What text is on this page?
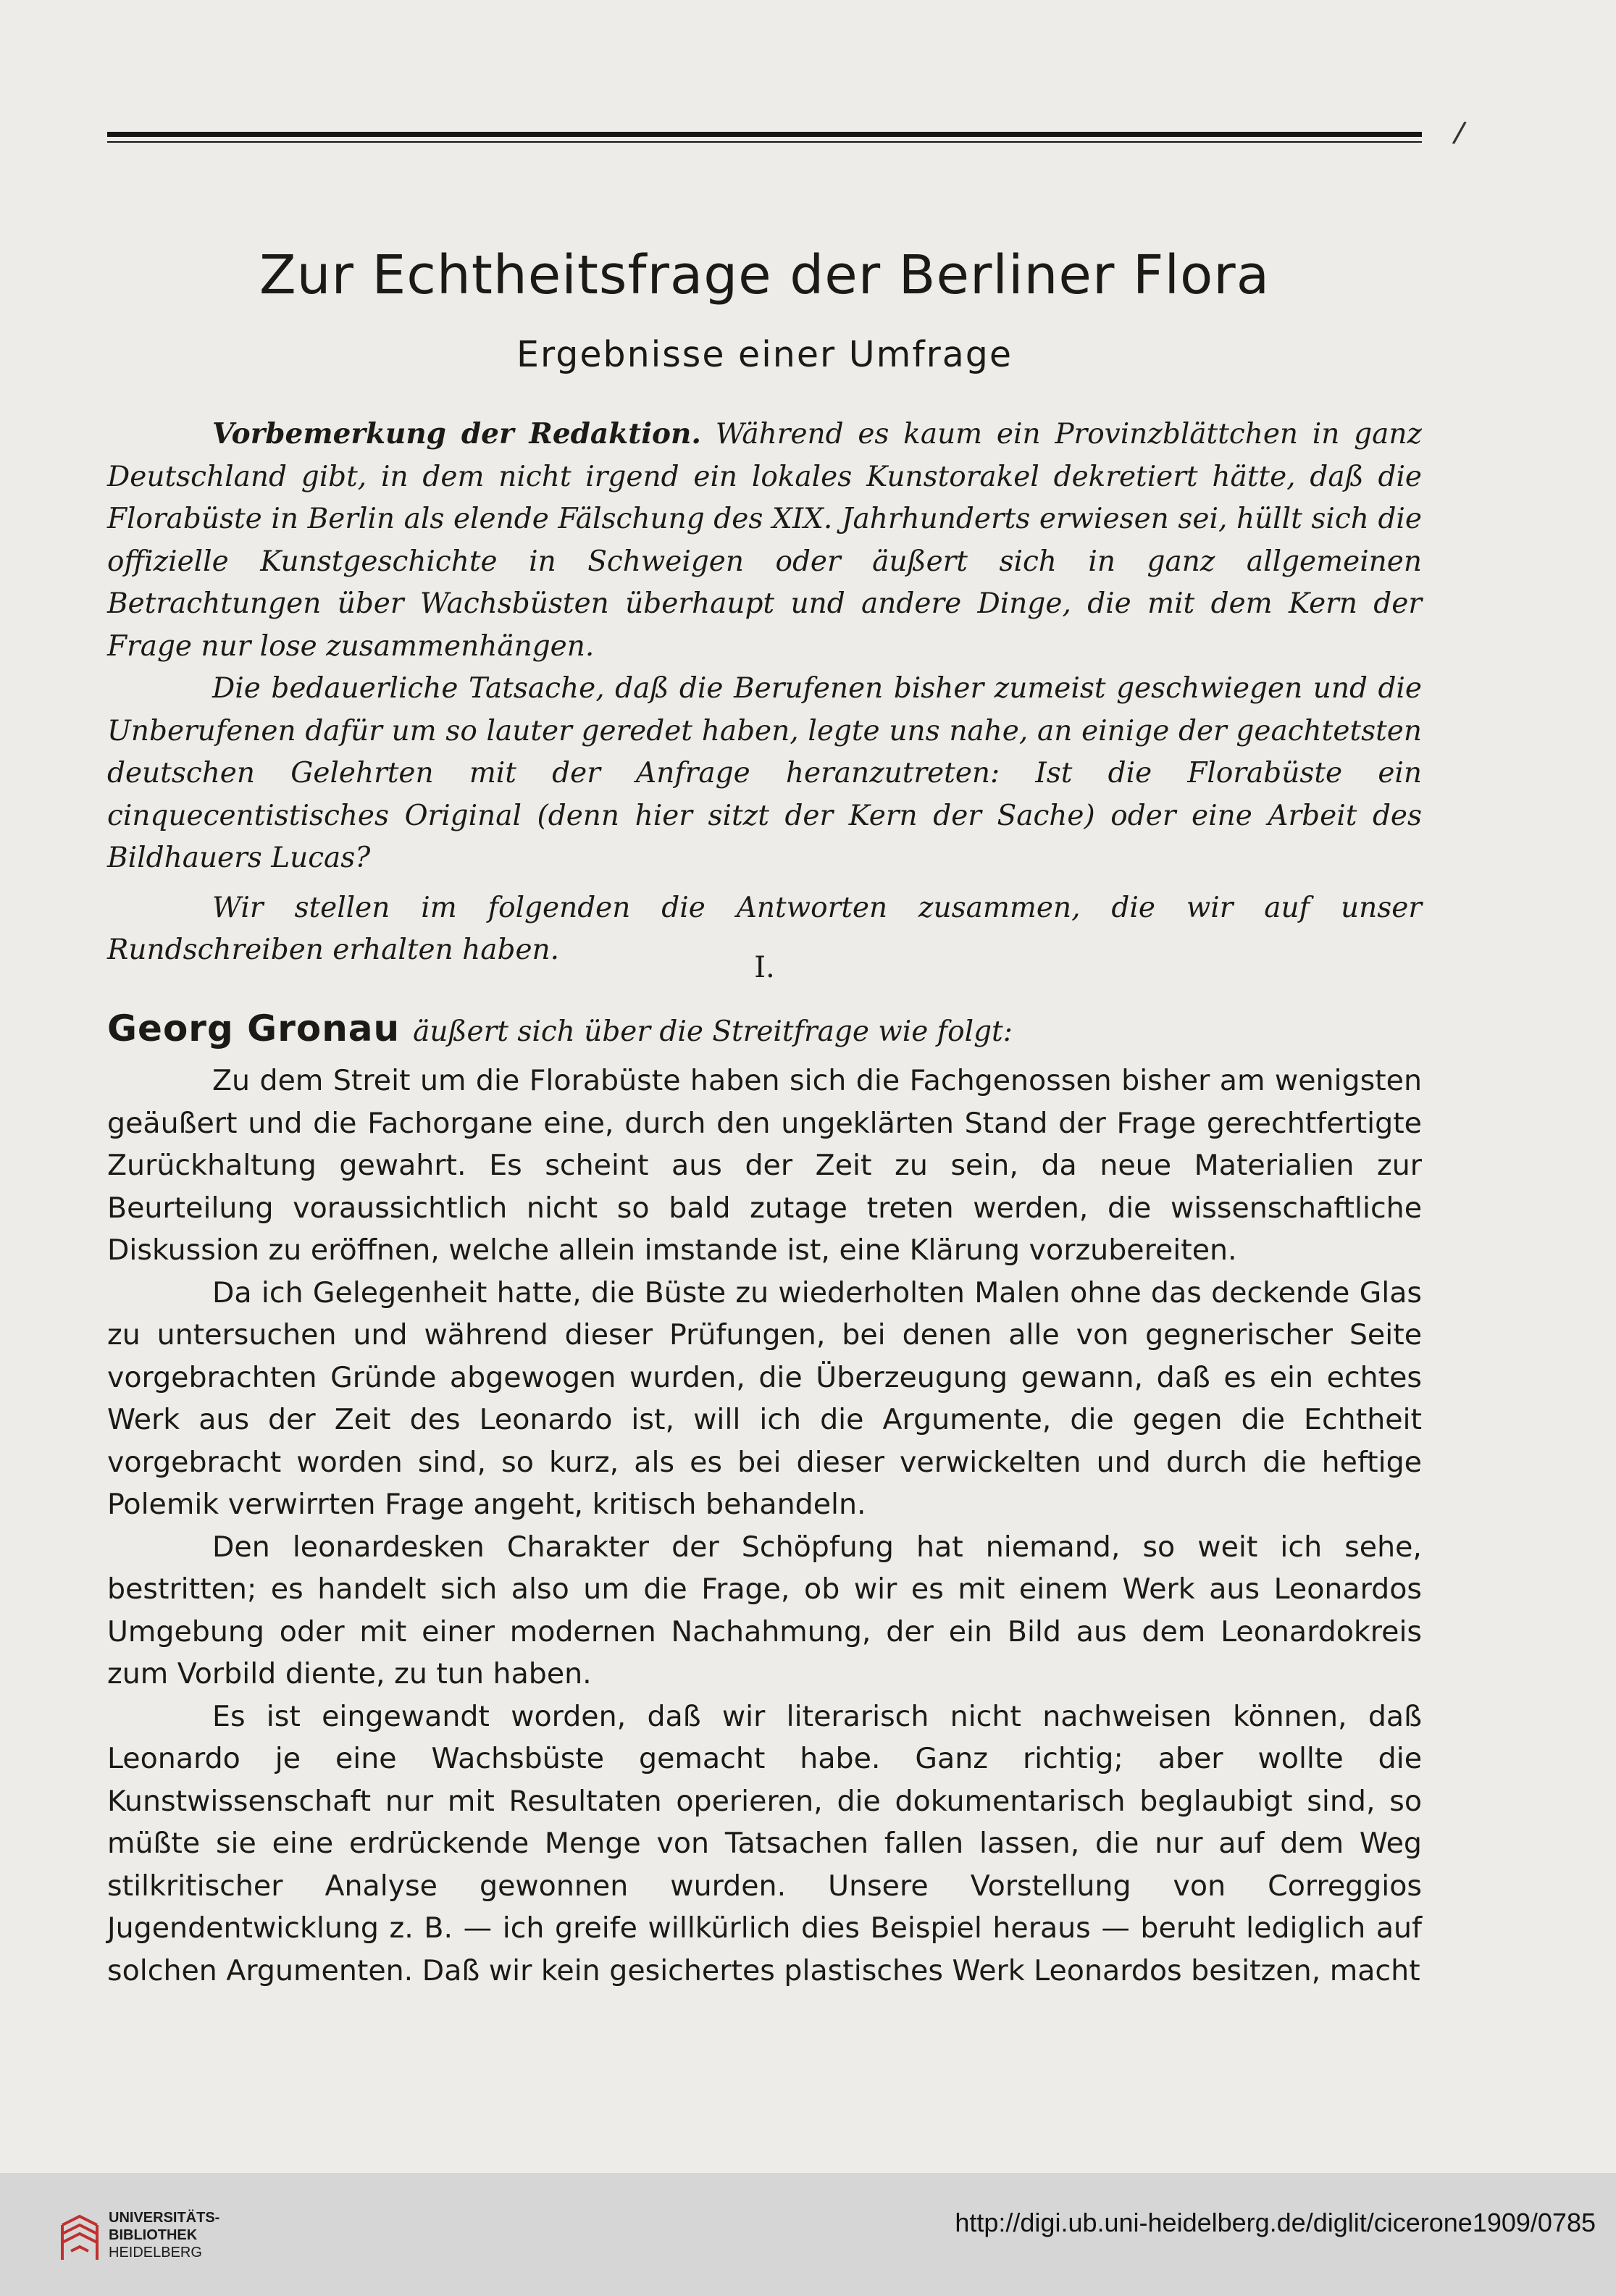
/
Zur Echtheitsfrage der Berliner Flora
Ergebnisse einer Umfrage

Vorbemerkung der Redaktion. Während es kaum ein Provinzblättchen in ganz Deutschland gibt, in dem nicht irgend ein lokales Kunstorakel dekretiert hätte, daß die Florabüste in Berlin als elende Fälschung des XIX. Jahrhunderts erwiesen sei, hüllt sich die offizielle Kunstgeschichte in Schweigen oder äußert sich in ganz allgemeinen Betrachtungen über Wachsbüsten überhaupt und andere Dinge, die mit dem Kern der Frage nur lose zusammenhängen.

Die bedauerliche Tatsache, daß die Berufenen bisher zumeist geschwiegen und die Unberufenen dafür um so lauter geredet haben, legte uns nahe, an einige der geachtetsten deutschen Gelehrten mit der Anfrage heranzutreten: Ist die Florabüste ein cinquecentistisches Original (denn hier sitzt der Kern der Sache) oder eine Arbeit des Bildhauers Lucas?

Wir stellen im folgenden die Antworten zusammen, die wir auf unser Rundschreiben erhalten haben.

I.
Georg Gronau äußert sich über die Streitfrage wie folgt:

Zu dem Streit um die Florabüste haben sich die Fachgenossen bisher am wenigsten geäußert und die Fachorgane eine, durch den ungeklärten Stand der Frage gerechtfertigte Zurückhaltung gewahrt. Es scheint aus der Zeit zu sein, da neue Materialien zur Beurteilung voraussichtlich nicht so bald zutage treten werden, die wissenschaftliche Diskussion zu eröffnen, welche allein imstande ist, eine Klärung vorzubereiten.

Da ich Gelegenheit hatte, die Büste zu wiederholten Malen ohne das deckende Glas zu untersuchen und während dieser Prüfungen, bei denen alle von gegnerischer Seite vorgebrachten Gründe abgewogen wurden, die Überzeugung gewann, daß es ein echtes Werk aus der Zeit des Leonardo ist, will ich die Argumente, die gegen die Echtheit vorgebracht worden sind, so kurz, als es bei dieser verwickelten und durch die heftige Polemik verwirrten Frage angeht, kritisch behandeln.

Den leonardesken Charakter der Schöpfung hat niemand, so weit ich sehe, bestritten; es handelt sich also um die Frage, ob wir es mit einem Werk aus Leonardos Umgebung oder mit einer modernen Nachahmung, der ein Bild aus dem Leonardokreis zum Vorbild diente, zu tun haben.

Es ist eingewandt worden, daß wir literarisch nicht nachweisen können, daß Leonardo je eine Wachsbüste gemacht habe. Ganz richtig; aber wollte die Kunstwissenschaft nur mit Resultaten operieren, die dokumentarisch beglaubigt sind, so müßte sie eine erdrückende Menge von Tatsachen fallen lassen, die nur auf dem Weg stilkritischer Analyse gewonnen wurden. Unsere Vorstellung von Correggios Jugendentwicklung z. B. — ich greife willkürlich dies Beispiel heraus — beruht lediglich auf solchen Argumenten. Daß wir kein gesichertes plastisches Werk Leonardos besitzen, macht

UNIVERSITÄTS-
BIBLIOTHEK
HEIDELBERG
http://digi.ub.uni-heidelberg.de/diglit/cicerone1909/0785
